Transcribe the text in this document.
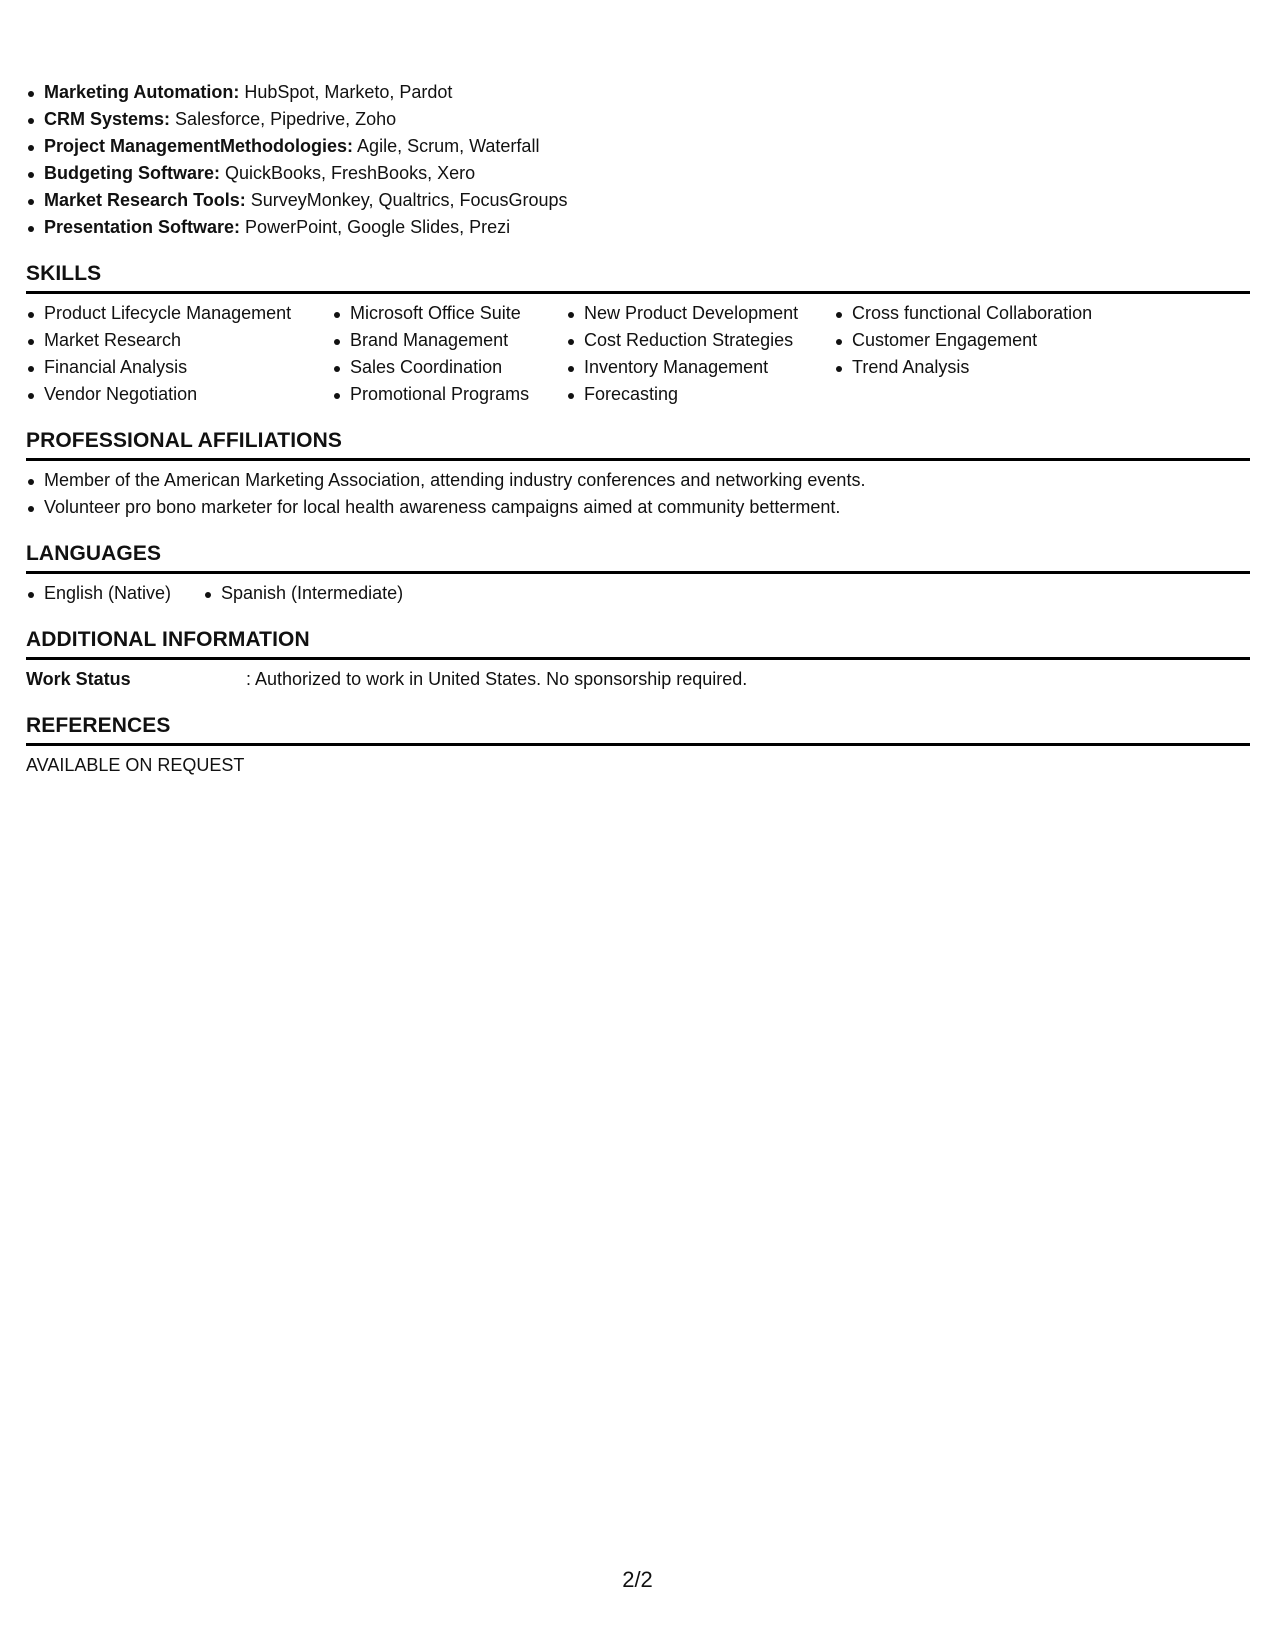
Marketing Automation: HubSpot, Marketo, Pardot
CRM Systems: Salesforce, Pipedrive, Zoho
Project ManagementMethodologies: Agile, Scrum, Waterfall
Budgeting Software: QuickBooks, FreshBooks, Xero
Market Research Tools: SurveyMonkey, Qualtrics, FocusGroups
Presentation Software: PowerPoint, Google Slides, Prezi
SKILLS
Product Lifecycle Management
Market Research
Financial Analysis
Vendor Negotiation
Microsoft Office Suite
Brand Management
Sales Coordination
Promotional Programs
New Product Development
Cost Reduction Strategies
Inventory Management
Forecasting
Cross functional Collaboration
Customer Engagement
Trend Analysis
PROFESSIONAL AFFILIATIONS
Member of the American Marketing Association, attending industry conferences and networking events.
Volunteer pro bono marketer for local health awareness campaigns aimed at community betterment.
LANGUAGES
English (Native)	Spanish (Intermediate)
ADDITIONAL INFORMATION
Work Status	: Authorized to work in United States. No sponsorship required.
REFERENCES
AVAILABLE ON REQUEST
2/2
